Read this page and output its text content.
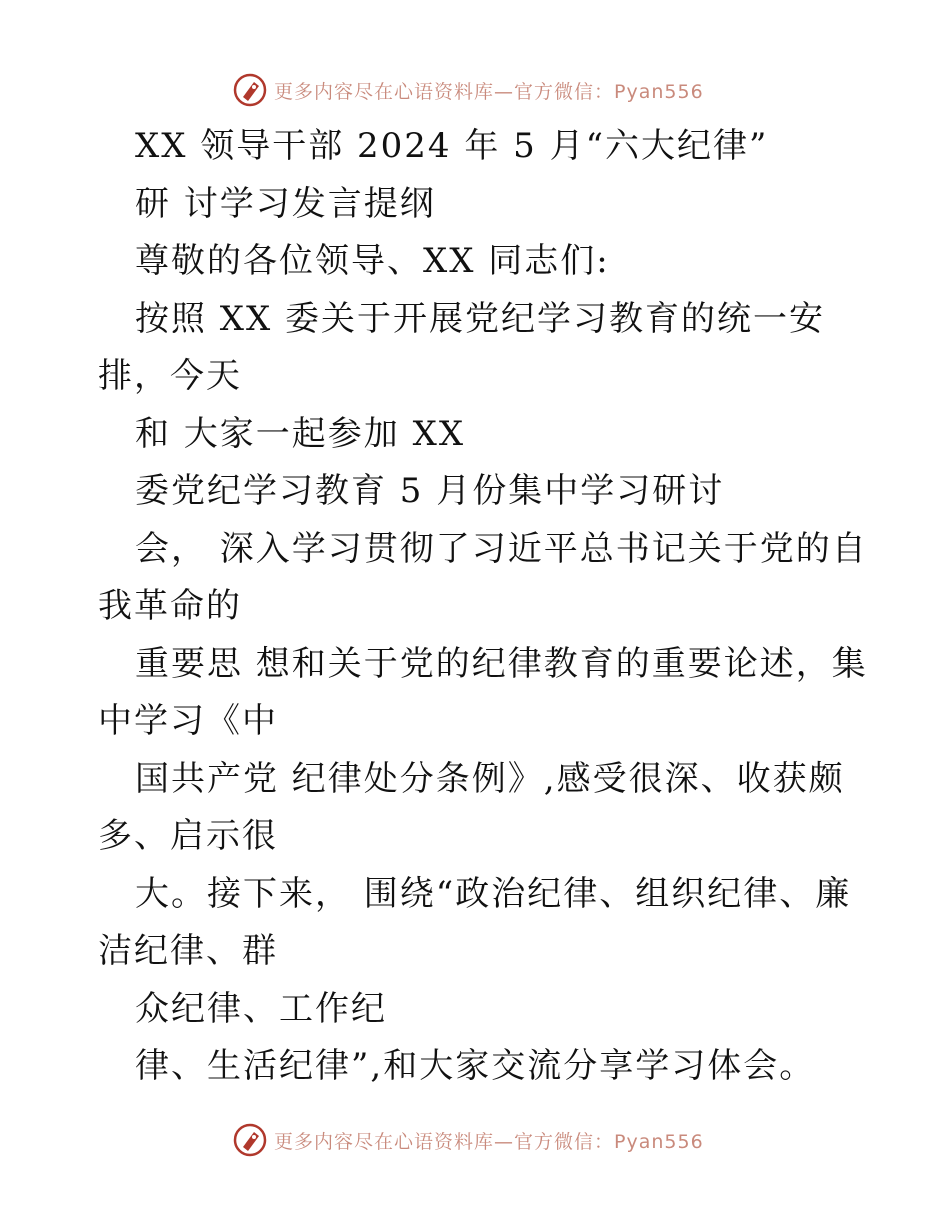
更多内容尽在心语资料库—官方微信：Pyan556
XX 领导干部 2024 年 5 月“六大纪律”
研 讨学习发言提纲
尊敬的各位领导、XX 同志们:
按照 XX 委关于开展党纪学习教育的统一安
排，今天
和 大家一起参加 XX
委党纪学习教育 5 月份集中学习研讨
会， 深入学习贯彻了习近平总书记关于党的自
我革命的
重要思 想和关于党的纪律教育的重要论述，集
中学习《中
国共产党 纪律处分条例》,感受很深、收获颇
多、启示很
大。接下来， 围绕“政治纪律、组织纪律、廉
洁纪律、群
众纪律、工作纪
律、生活纪律”,和大家交流分享学习体会。
更多内容尽在心语资料库—官方微信：Pyan556
